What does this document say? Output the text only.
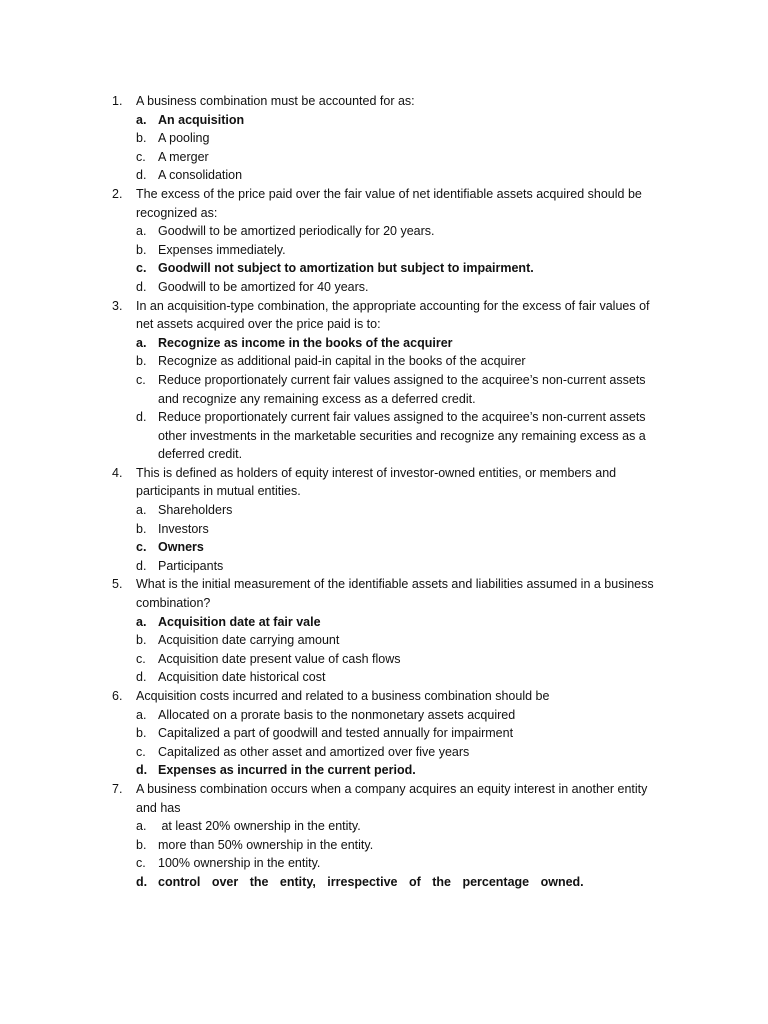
1.	A business combination must be accounted for as:
a. An acquisition
b. A pooling
c. A merger
d. A consolidation
2.	The excess of the price paid over the fair value of net identifiable assets acquired should be recognized as:
a. Goodwill to be amortized periodically for 20 years.
b. Expenses immediately.
c. Goodwill not subject to amortization but subject to impairment.
d. Goodwill to be amortized for 40 years.
3.	In an acquisition-type combination, the appropriate accounting for the excess of fair values of net assets acquired over the price paid is to:
a. Recognize as income in the books of the acquirer
b. Recognize as additional paid-in capital in the books of the acquirer
c. Reduce proportionately current fair values assigned to the acquiree’s non-current assets and recognize any remaining excess as a deferred credit.
d. Reduce proportionately current fair values assigned to the acquiree’s non-current assets other investments in the marketable securities and recognize any remaining excess as a deferred credit.
4.	This is defined as holders of equity interest of investor-owned entities, or members and participants in mutual entities.
a. Shareholders
b. Investors
c. Owners
d. Participants
5.	What is the initial measurement of the identifiable assets and liabilities assumed in a business combination?
a. Acquisition date at fair vale
b. Acquisition date carrying amount
c. Acquisition date present value of cash flows
d. Acquisition date historical cost
6.	Acquisition costs incurred and related to a business combination should be
a. Allocated on a prorate basis to the nonmonetary assets acquired
b. Capitalized a part of goodwill and tested annually for impairment
c. Capitalized as other asset and amortized over five years
d. Expenses as incurred in the current period.
7.	A business combination occurs when a company acquires an equity interest in another entity and has
a. at least 20% ownership in the entity.
b. more than 50% ownership in the entity.
c. 100% ownership in the entity.
d. control over the entity, irrespective of the percentage owned.
